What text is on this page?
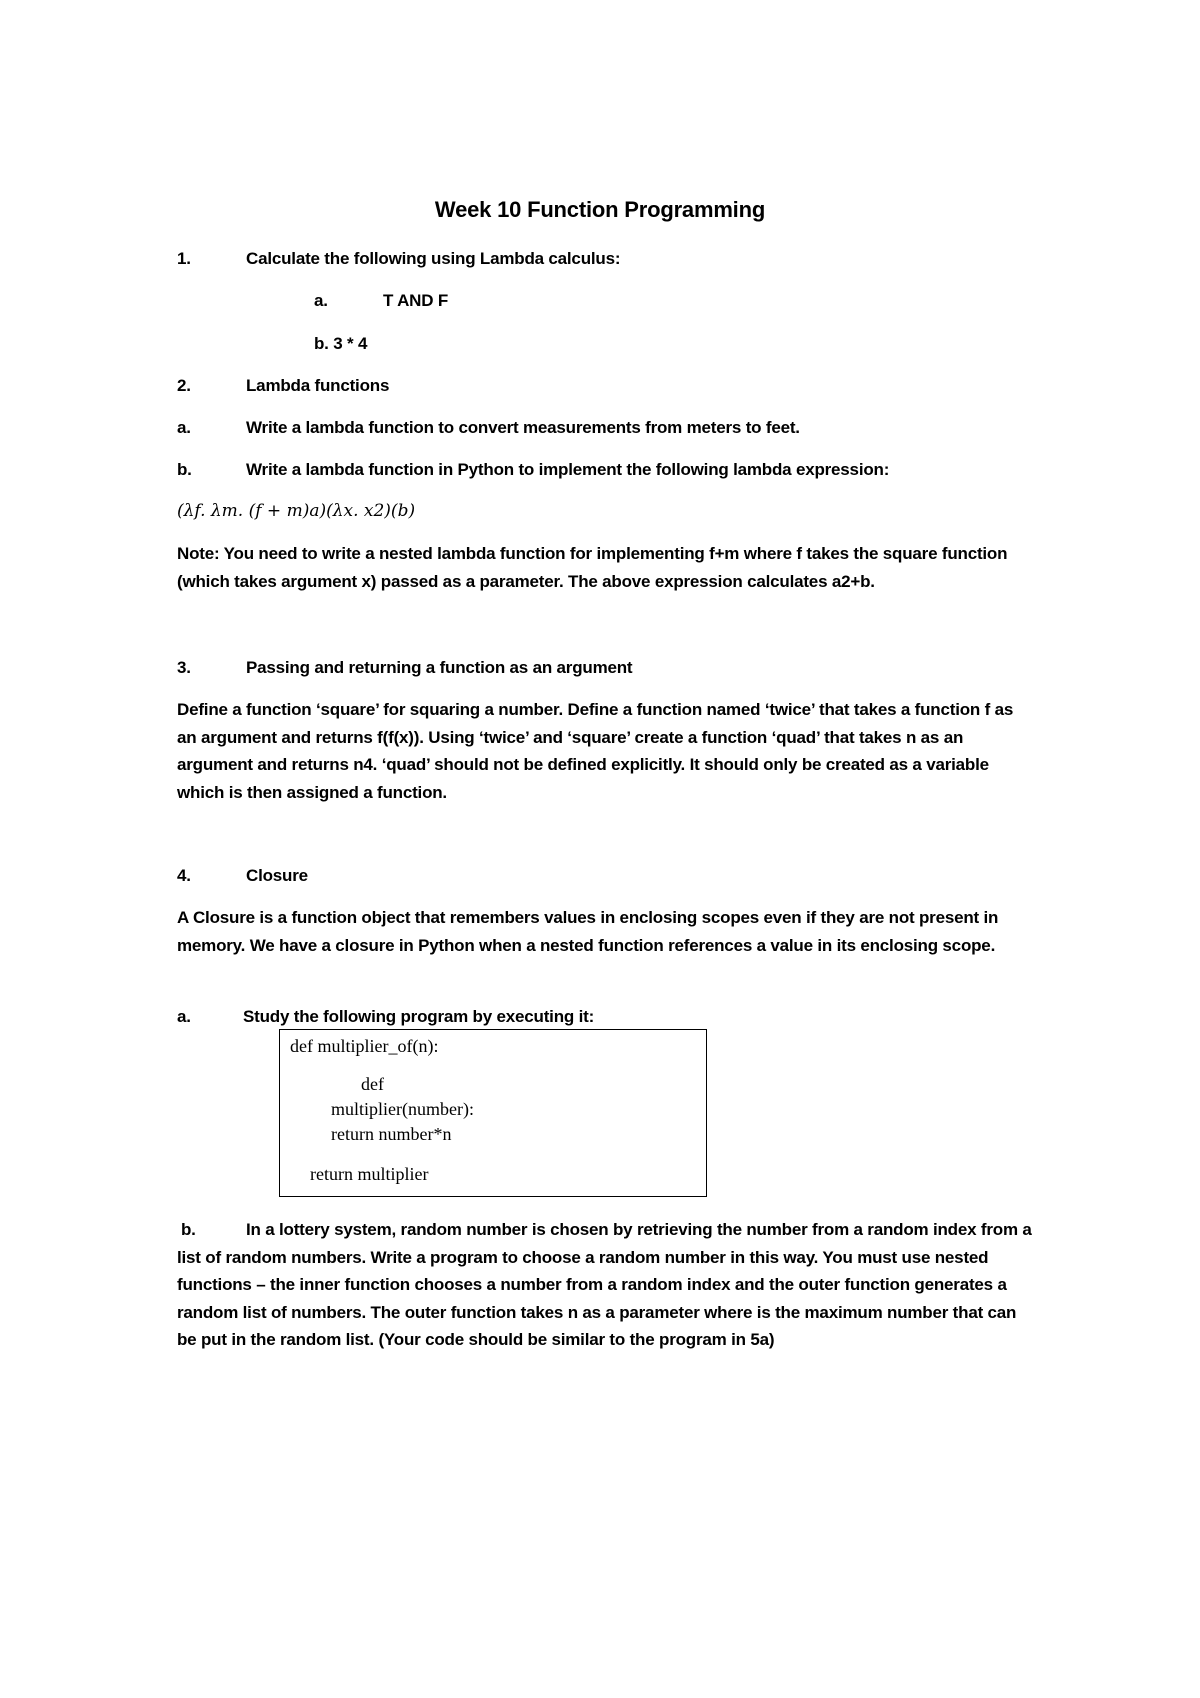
Week 10 Function Programming
1.	Calculate the following using Lambda calculus:
a.	T AND F
b. 3 * 4
2.	Lambda functions
a.	Write a lambda function to convert measurements from meters to feet.
b.	Write a lambda function in Python to implement the following lambda expression:
(λf. λm. (f + m)a)(λx. x2)(b)
Note: You need to write a nested lambda function for implementing f+m where f takes the square function (which takes argument x) passed as a parameter. The above expression calculates a2+b.
3.	Passing and returning a function as an argument
Define a function ‘square’ for squaring a number. Define a function named ‘twice’ that takes a function f as an argument and returns f(f(x)). Using ‘twice’ and ‘square’ create a function ‘quad’ that takes n as an argument and returns n4. ‘quad’ should not be defined explicitly. It should only be created as a variable which is then assigned a function.
4.	Closure
A Closure is a function object that remembers values in enclosing scopes even if they are not present in memory. We have a closure in Python when a nested function references a value in its enclosing scope.
a.	Study the following program by executing it:
def multiplier_of(n):
def
multiplier(number):
return number*n
return multiplier
b.	In a lottery system, random number is chosen by retrieving the number from a random index from a list of random numbers. Write a program to choose a random number in this way. You must use nested functions – the inner function chooses a number from a random index and the outer function generates a random list of numbers. The outer function takes n as a parameter where is the maximum number that can be put in the random list. (Your code should be similar to the program in 5a)
